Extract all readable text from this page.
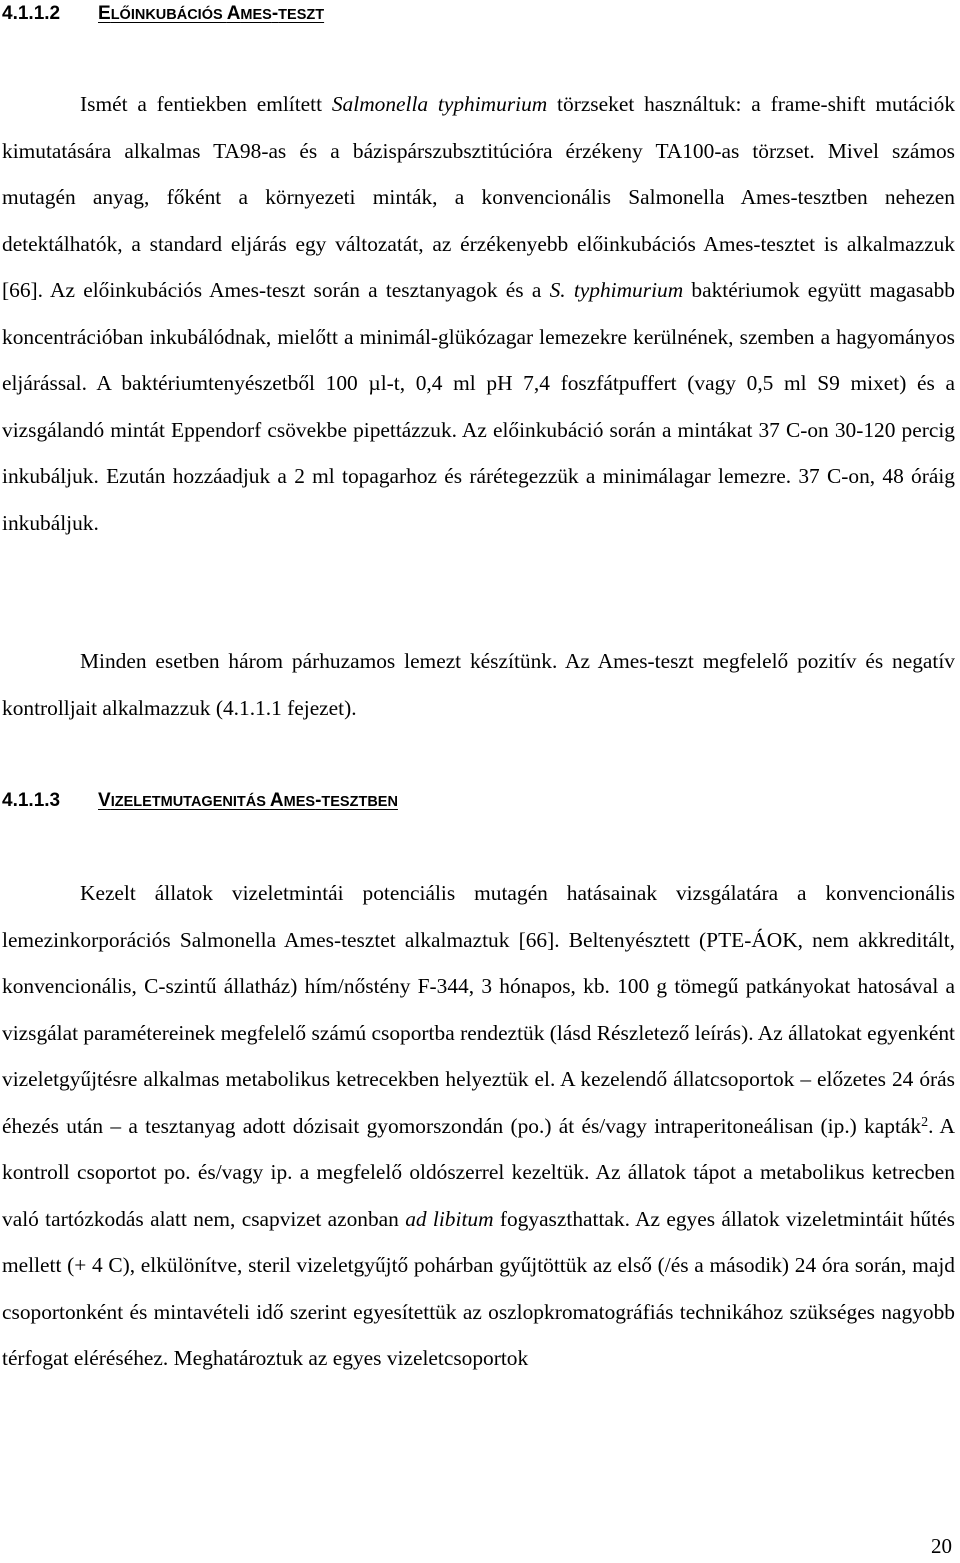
4.1.1.2 ELŐINKUBÁCIÓS AMES-TESZT

Ismét a fentiekben említett Salmonella typhimurium törzseket használtuk: a frame-shift mutációk kimutatására alkalmas TA98-as és a bázispárszubsztitúcióra érzékeny TA100-as törzset. Mivel számos mutagén anyag, főként a környezeti minták, a konvencionális Salmonella Ames-tesztben nehezen detektálhatók, a standard eljárás egy változatát, az érzékenyebb előinkubációs Ames-tesztet is alkalmazzuk [66]. Az előinkubációs Ames-teszt során a tesztanyagok és a S. typhimurium baktériumok együtt magasabb koncentrációban inkubálódnak, mielőtt a minimál-glükózagar lemezekre kerülnének, szemben a hagyományos eljárással. A baktériumtenyészetből 100 µl-t, 0,4 ml pH 7,4 foszfátpuffert (vagy 0,5 ml S9 mixet) és a vizsgálandó mintát Eppendorf csövekbe pipettázzuk. Az előinkubáció során a mintákat 37 C-on 30-120 percig inkubáljuk. Ezután hozzáadjuk a 2 ml topagarhoz és rárétegezzük a minimálagar lemezre. 37 C-on, 48 óráig inkubáljuk.

Minden esetben három párhuzamos lemezt készítünk. Az Ames-teszt megfelelő pozitív és negatív kontrolljait alkalmazzuk (4.1.1.1 fejezet).

4.1.1.3 VIZELETMUTAGENITÁS AMES-TESZTBEN

Kezelt állatok vizeletmintái potenciális mutagén hatásainak vizsgálatára a konvencionális lemezinkorporációs Salmonella Ames-tesztet alkalmaztuk [66]. Beltenyésztett (PTE-ÁOK, nem akkreditált, konvencionális, C-szintű állatház) hím/nőstény F-344, 3 hónapos, kb. 100 g tömegű patkányokat hatosával a vizsgálat paramétereinek megfelelő számú csoportba rendeztük (lásd Részletező leírás). Az állatokat egyenként vizeletgyűjtésre alkalmas metabolikus ketrecekben helyeztük el. A kezelendő állatcsoportok – előzetes 24 órás éhezés után – a tesztanyag adott dózisait gyomorszondán (po.) át és/vagy intraperitoneálisan (ip.) kapták$^2$. A kontroll csoportot po. és/vagy ip. a megfelelő oldószerrel kezeltük. Az állatok tápot a metabolikus ketrecben való tartózkodás alatt nem, csapvizet azonban ad libitum fogyaszthattak. Az egyes állatok vizeletmintáit hűtés mellett (+ 4 C), elkülönítve, steril vizeletgyűjtő pohárban gyűjtöttük az első (/és a második) 24 óra során, majd csoportonként és mintavételi idő szerint egyesítettük az oszlopkromatográfiás technikához szükséges nagyobb térfogat eléréséhez. Meghatároztuk az egyes vizeletcsoportok

20
